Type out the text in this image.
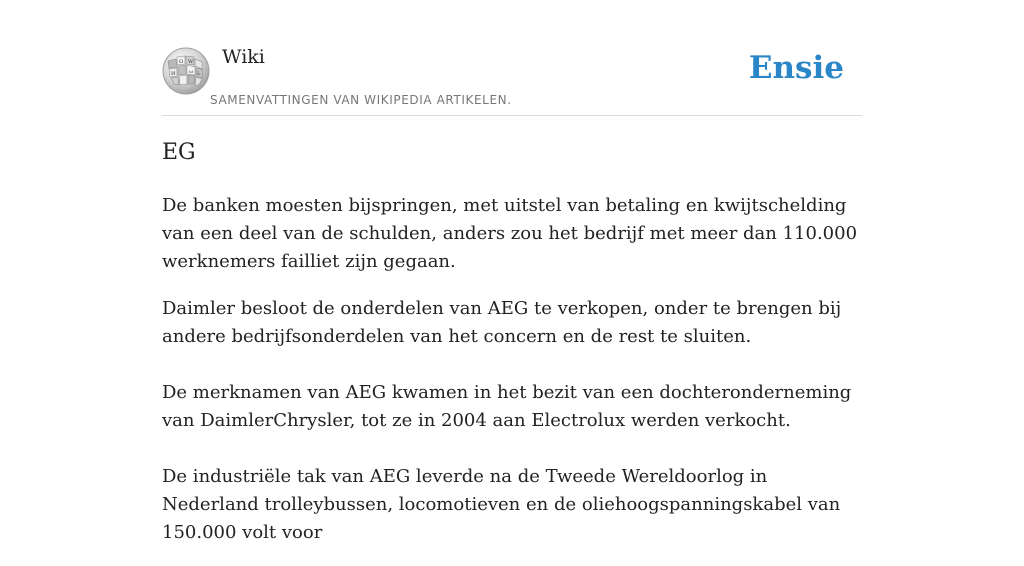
Ω W
И	ω Ŀ
Wiki
SAMENVATTINGEN VAN WIKIPEDIA ARTIKELEN.
Ensie
EG

De banken moesten bijspringen, met uitstel van betaling en kwijtschelding van een deel van de schulden, anders zou het bedrijf met meer dan 110.000 werknemers failliet zijn gegaan.

Daimler besloot de onderdelen van AEG te verkopen, onder te brengen bij andere bedrijfsonderdelen van het concern en de rest te sluiten.

De merknamen van AEG kwamen in het bezit van een dochteronderneming van DaimlerChrysler, tot ze in 2004 aan Electrolux werden verkocht.

De industriële tak van AEG leverde na de Tweede Wereldoorlog in Nederland trolleybussen, locomotieven en de oliehoogspanningskabel van 150.000 volt voor
